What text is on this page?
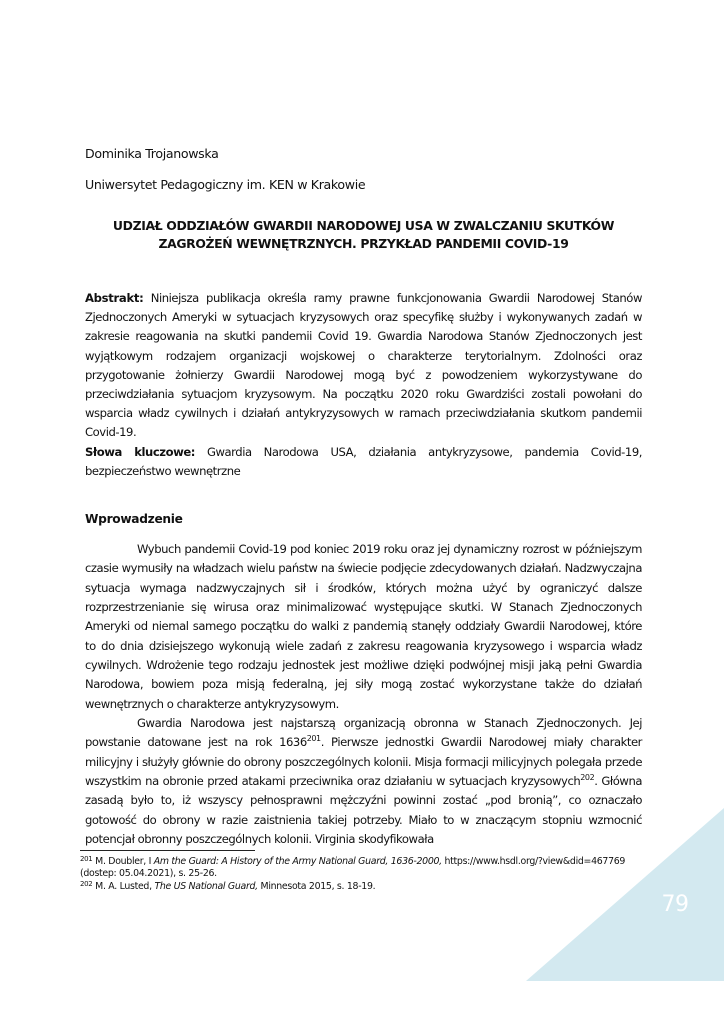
79
Dominika Trojanowska
Uniwersytet Pedagogiczny im. KEN w Krakowie
UDZIAŁ ODDZIAŁÓW GWARDII NARODOWEJ USA W ZWALCZANIU SKUTKÓW
ZAGROŻEŃ WEWNĘTRZNYCH. PRZYKŁAD PANDEMII COVID-19
Abstrakt: Niniejsza publikacja określa ramy prawne funkcjonowania Gwardii Narodowej Stanów Zjednoczonych Ameryki w sytuacjach kryzysowych oraz specyfikę służby i wykonywanych zadań w zakresie reagowania na skutki pandemii Covid 19. Gwardia Narodowa Stanów Zjednoczonych jest wyjątkowym rodzajem organizacji wojskowej o charakterze terytorialnym. Zdolności oraz przygotowanie żołnierzy Gwardii Narodowej mogą być z powodzeniem wykorzystywane do przeciwdziałania sytuacjom kryzysowym. Na początku 2020 roku Gwardziści zostali powołani do wsparcia władz cywilnych i działań antykryzysowych w ramach przeciwdziałania skutkom pandemii Covid-19.
Słowa kluczowe: Gwardia Narodowa USA, działania antykryzysowe, pandemia Covid-19, bezpieczeństwo wewnętrzne
Wprowadzenie

Wybuch pandemii Covid-19 pod koniec 2019 roku oraz jej dynamiczny rozrost w późniejszym czasie wymusiły na władzach wielu państw na świecie podjęcie zdecydowanych działań. Nadzwyczajna sytuacja wymaga nadzwyczajnych sił i środków, których można użyć by ograniczyć dalsze rozprzestrzenianie się wirusa oraz minimalizować występujące skutki. W Stanach Zjednoczonych Ameryki od niemal samego początku do walki z pandemią stanęły oddziały Gwardii Narodowej, które to do dnia dzisiejszego wykonują wiele zadań z zakresu reagowania kryzysowego i wsparcia władz cywilnych. Wdrożenie tego rodzaju jednostek jest możliwe dzięki podwójnej misji jaką pełni Gwardia Narodowa, bowiem poza misją federalną, jej siły mogą zostać wykorzystane także do działań wewnętrznych o charakterze antykryzysowym.

Gwardia Narodowa jest najstarszą organizacją obronna w Stanach Zjednoczonych. Jej powstanie datowane jest na rok 1636$^{201}$. Pierwsze jednostki Gwardii Narodowej miały charakter milicyjny i służyły głównie do obrony poszczególnych kolonii. Misja formacji milicyjnych polegała przede wszystkim na obronie przed atakami przeciwnika oraz działaniu w sytuacjach kryzysowych$^{202}$. Główna zasadą było to, iż wszyscy pełnosprawni mężczyźni powinni zostać „pod bronią”, co oznaczało gotowość do obrony w razie zaistnienia takiej potrzeby. Miało to w znaczącym stopniu wzmocnić potencjał obronny poszczególnych kolonii. Virginia skodyfikowała

$^{201}$ M. Doubler, I Am the Guard: A History of the Army National Guard, 1636-2000, https://www.hsdl.org/?view&did=467769 (dostep: 05.04.2021), s. 25-26.

$^{202}$ M. A. Lusted, The US National Guard, Minnesota 2015, s. 18-19.
